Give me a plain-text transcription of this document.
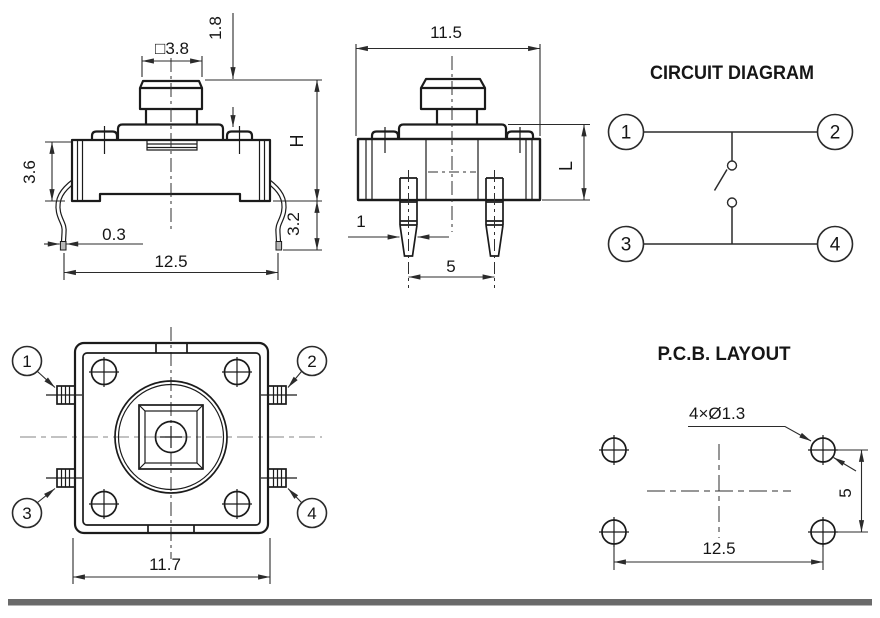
□3.8
1.8
H
3.6
0.3
12.5
3.2
11.5
1
5
L
CIRCUIT DIAGRAM
1	2
3	4
1	2
3	4
11.7
P.C.B. LAYOUT
4×Ø1.3
5
12.5
